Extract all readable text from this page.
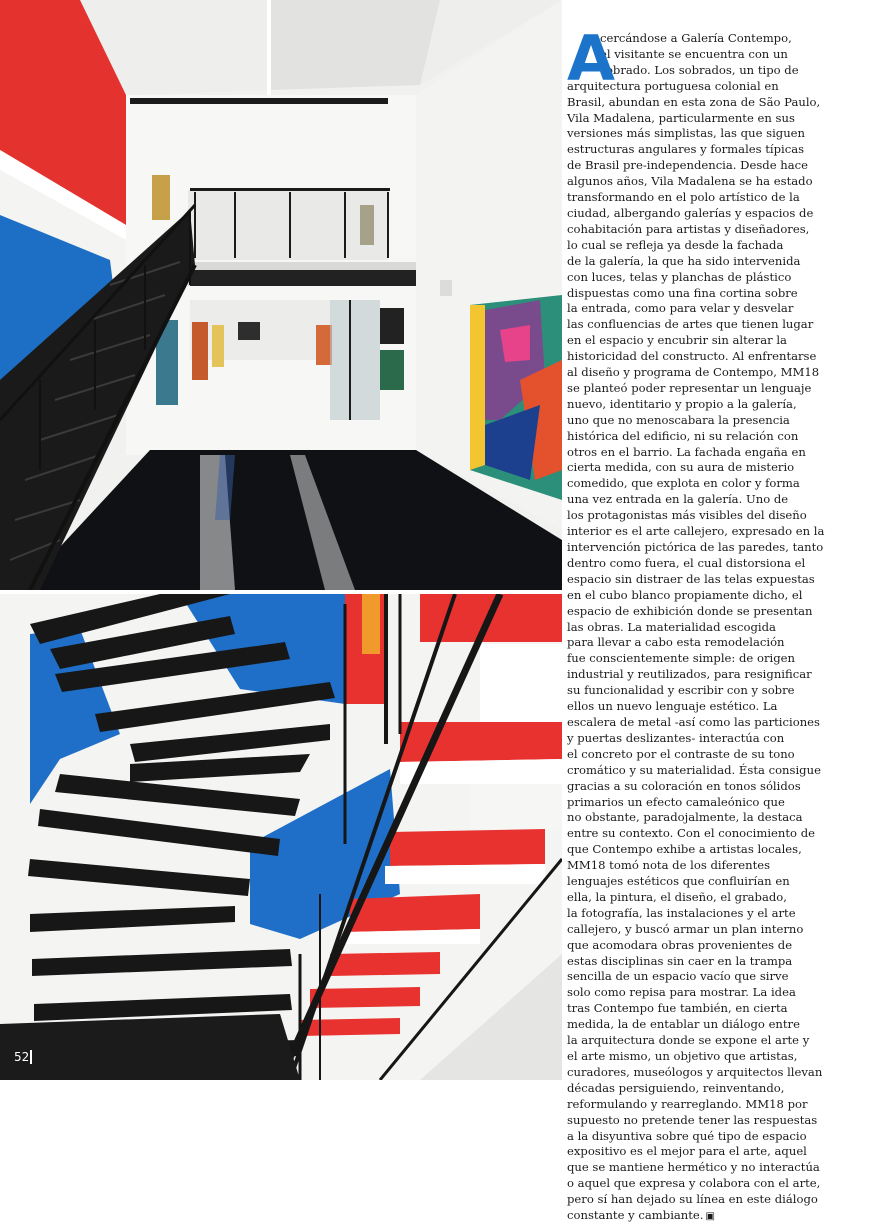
A
cercándose a Galería Contempo,
el visitante se encuentra con un
sobrado. Los sobrados, un tipo de
arquitectura portuguesa colonial en
Brasil, abundan en esta zona de São Paulo,
Vila Madalena, particularmente en sus
versiones más simplistas, las que siguen
estructuras angulares y formales típicas
de Brasil pre-independencia. Desde hace
algunos años, Vila Madalena se ha estado
transformando en el polo artístico de la
ciudad, albergando galerías y espacios de
cohabitación para artistas y diseñadores,
lo cual se refleja ya desde la fachada
de la galería, la que ha sido intervenida
con luces, telas y planchas de plástico
dispuestas como una fina cortina sobre
la entrada, como para velar y desvelar
las confluencias de artes que tienen lugar
en el espacio y encubrir sin alterar la
historicidad del constructo. Al enfrentarse
al diseño y programa de Contempo, MM18
se planteó poder representar un lenguaje
nuevo, identitario y propio a la galería,
uno que no menoscabara la presencia
histórica del edificio, ni su relación con
otros en el barrio. La fachada engaña en
cierta medida, con su aura de misterio
comedido, que explota en color y forma
una vez entrada en la galería. Uno de
los protagonistas más visibles del diseño
interior es el arte callejero, expresado en la
intervención pictórica de las paredes, tanto
dentro como fuera, el cual distorsiona el
espacio sin distraer de las telas expuestas
en el cubo blanco propiamente dicho, el
espacio de exhibición donde se presentan
las obras. La materialidad escogida
para llevar a cabo esta remodelación
fue conscientemente simple: de origen
industrial y reutilizados, para resignificar
su funcionalidad y escribir con y sobre
ellos un nuevo lenguaje estético. La
escalera de metal -así como las particiones
y puertas deslizantes- interactúa con
el concreto por el contraste de su tono
cromático y su materialidad. Ésta consigue
gracias a su coloración en tonos sólidos
primarios un efecto camaleónico que
no obstante, paradojalmente, la destaca
entre su contexto. Con el conocimiento de
que Contempo exhibe a artistas locales,
MM18 tomó nota de los diferentes
lenguajes estéticos que confluirían en
ella, la pintura, el diseño, el grabado,
la fotografía, las instalaciones y el arte
callejero, y buscó armar un plan interno
que acomodara obras provenientes de
estas disciplinas sin caer en la trampa
sencilla de un espacio vacío que sirve
solo como repisa para mostrar. La idea
tras Contempo fue también, en cierta
medida, la de entablar un diálogo entre
la arquitectura donde se expone el arte y
el arte mismo, un objetivo que artistas,
curadores, museólogos y arquitectos llevan
décadas persiguiendo, reinventando,
reformulando y rearreglando. MM18 por
supuesto no pretende tener las respuestas
a la disyuntiva sobre qué tipo de espacio
expositivo es el mejor para el arte, aquel
que se mantiene hermético y no interactúa
o aquel que expresa y colabora con el arte,
pero sí han dejado su línea en este diálogo
constante y cambiante. ▣
52
